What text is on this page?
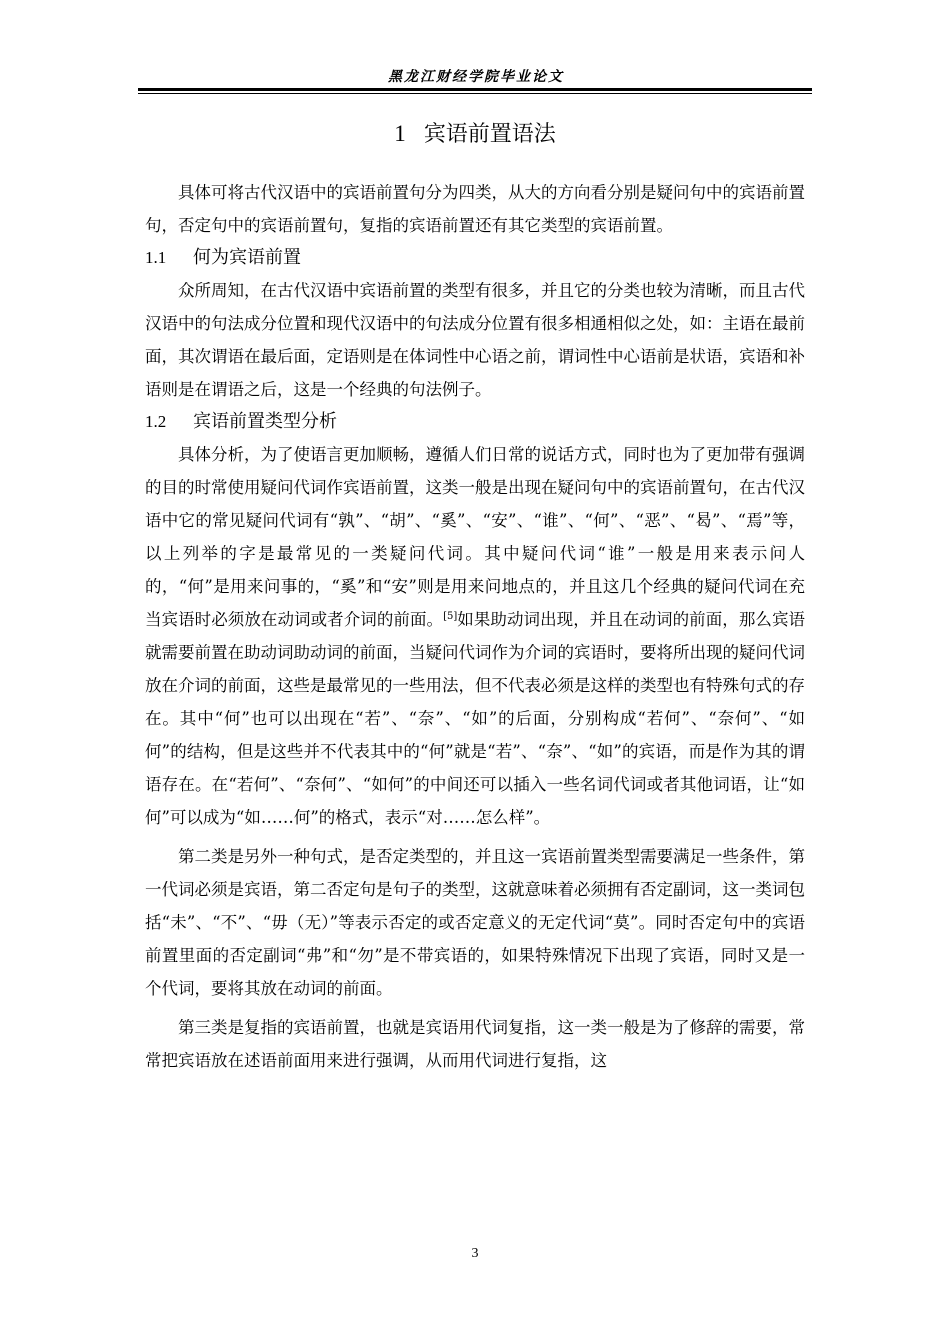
黑龙江财经学院毕业论文
1 宾语前置语法

具体可将古代汉语中的宾语前置句分为四类，从大的方向看分别是疑问句中的宾语前置句，否定句中的宾语前置句，复指的宾语前置还有其它类型的宾语前置。

1.1 何为宾语前置

众所周知，在古代汉语中宾语前置的类型有很多，并且它的分类也较为清晰，而且古代汉语中的句法成分位置和现代汉语中的句法成分位置有很多相通相似之处，如：主语在最前面，其次谓语在最后面，定语则是在体词性中心语之前，谓词性中心语前是状语，宾语和补语则是在谓语之后，这是一个经典的句法例子。

1.2 宾语前置类型分析

具体分析，为了使语言更加顺畅，遵循人们日常的说话方式，同时也为了更加带有强调的目的时常使用疑问代词作宾语前置，这类一般是出现在疑问句中的宾语前置句，在古代汉语中它的常见疑问代词有“孰”、“胡”、“奚”、“安”、“谁”、“何”、“恶”、“曷”、“焉”等，以上列举的字是最常见的一类疑问代词。其中疑问代词“谁”一般是用来表示问人的，“何”是用来问事的，“奚”和“安”则是用来问地点的，并且这几个经典的疑问代词在充当宾语时必须放在动词或者介词的前面。[5]如果助动词出现，并且在动词的前面，那么宾语就需要前置在助动词助动词的前面，当疑问代词作为介词的宾语时，要将所出现的疑问代词放在介词的前面，这些是最常见的一些用法，但不代表必须是这样的类型也有特殊句式的存在。其中“何”也可以出现在“若”、“奈”、“如”的后面，分别构成“若何”、“奈何”、“如何”的结构，但是这些并不代表其中的“何”就是“若”、“奈”、“如”的宾语，而是作为其的谓语存在。在“若何”、“奈何”、“如何”的中间还可以插入一些名词代词或者其他词语，让“如何”可以成为“如……何”的格式，表示“对……怎么样”。

第二类是另外一种句式，是否定类型的，并且这一宾语前置类型需要满足一些条件，第一代词必须是宾语，第二否定句是句子的类型，这就意味着必须拥有否定副词，这一类词包括“未”、“不”、“毋（无）”等表示否定的或否定意义的无定代词“莫”。同时否定句中的宾语前置里面的否定副词“弗”和“勿”是不带宾语的，如果特殊情况下出现了宾语，同时又是一个代词，要将其放在动词的前面。

第三类是复指的宾语前置，也就是宾语用代词复指，这一类一般是为了修辞的需要，常常把宾语放在述语前面用来进行强调，从而用代词进行复指，这

3
